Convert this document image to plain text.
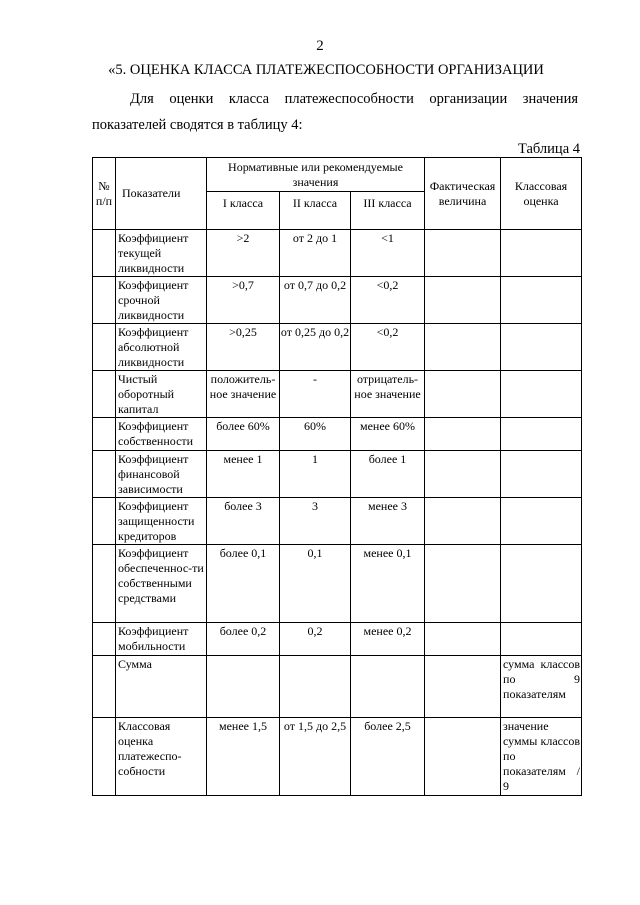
2
«5. ОЦЕНКА КЛАССА ПЛАТЕЖЕСПОСОБНОСТИ ОРГАНИЗАЦИИ
Для оценки класса платежеспособности организации значения
показателей сводятся в таблицу 4:
Таблица 4
№ п/п	Показатели	Нормативные или рекомендуемые значения			Фактическая величина	Классовая оценка
		I класса	II класса	III класса		
	Коэффициент текущей ликвидности	>2	от 2 до 1	<1		
	Коэффициент срочной ликвидности	>0,7	от 0,7 до 0,2	<0,2		
	Коэффициент абсолютной ликвидности	>0,25	от 0,25 до 0,2	<0,2		
	Чистый оборотный капитал	положитель-ное значение	-	отрицатель-ное значение		
	Коэффициент собственности	более 60%	60%	менее 60%		
	Коэффициент финансовой зависимости	менее 1	1	более 1		
	Коэффициент защищенности кредиторов	более 3	3	менее 3		
	Коэффициент обеспеченнос-ти собственными средствами	более 0,1	0,1	менее 0,1		
	Коэффициент мобильности	более 0,2	0,2	менее 0,2		
	Сумма					сумма классов по 9 показателям
	Классовая оценка платежеспо-собности	менее 1,5	от 1,5 до 2,5	более 2,5		значение суммы классов по показателям / 9
